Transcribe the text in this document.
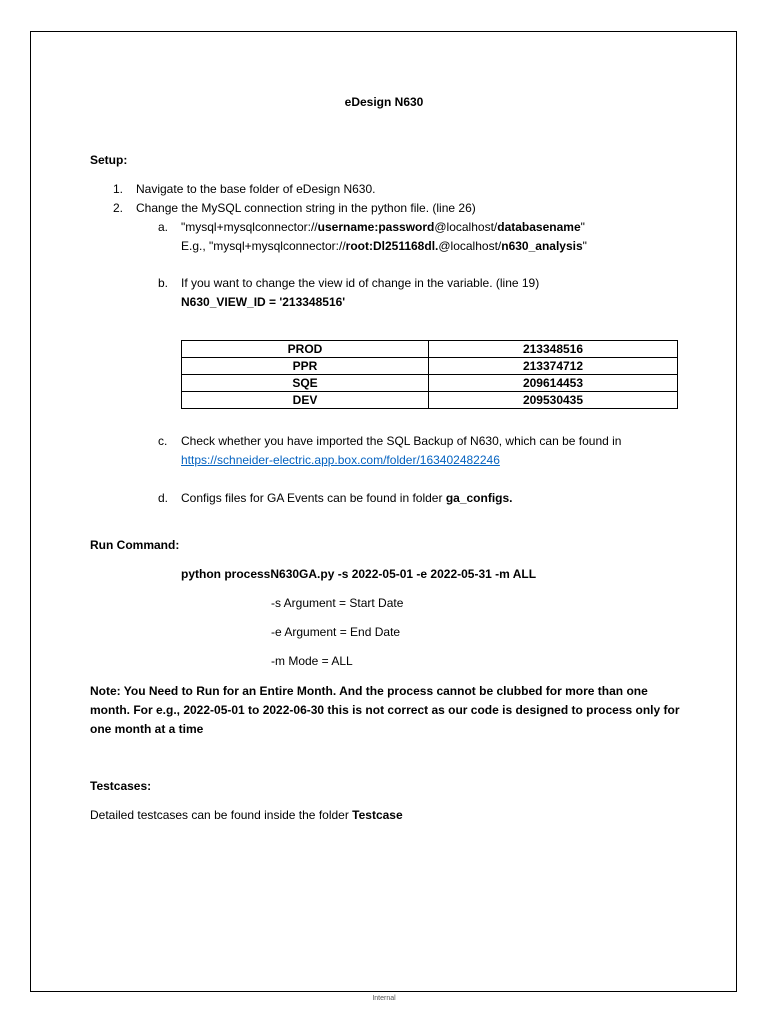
eDesign N630
Setup:
1. Navigate to the base folder of eDesign N630.
2. Change the MySQL connection string in the python file. (line 26)
a. "mysql+mysqlconnector://username:password@localhost/databasename"
E.g., "mysql+mysqlconnector://root:Dl251168dl.@localhost/n630_analysis"
b. If you want to change the view id of change in the variable. (line 19)
N630_VIEW_ID = '213348516'
PROD	213348516
PPR	213374712
SQE	209614453
DEV	209530435
c. Check whether you have imported the SQL Backup of N630, which can be found in
https://schneider-electric.app.box.com/folder/163402482246
d. Configs files for GA Events can be found in folder ga_configs.
Run Command:
python processN630GA.py -s 2022-05-01 -e 2022-05-31 -m ALL
-s Argument = Start Date
-e Argument = End Date
-m Mode = ALL
Note: You Need to Run for an Entire Month. And the process cannot be clubbed for more than one month. For e.g., 2022-05-01 to 2022-06-30 this is not correct as our code is designed to process only for one month at a time
Testcases:
Detailed testcases can be found inside the folder Testcase
Internal
